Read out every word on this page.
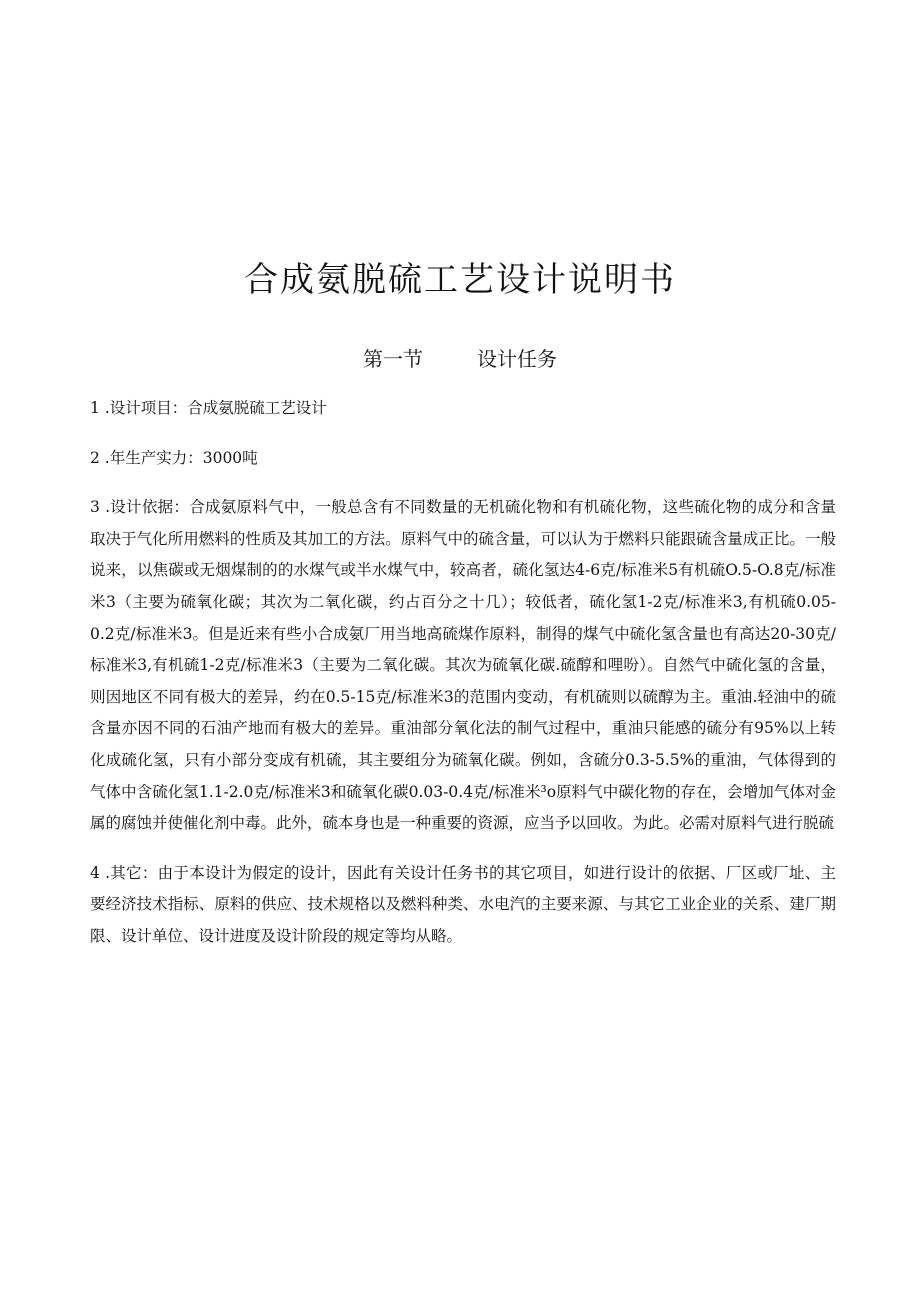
合成氨脱硫工艺设计说明书
第一节	设计任务

1 .设计项目：合成氨脱硫工艺设计

2 .年生产实力：3000吨

3 .设计依据：合成氨原料气中，一般总含有不同数量的无机硫化物和有机硫化物，这些硫化物的成分和含量取决于气化所用燃料的性质及其加工的方法。原料气中的硫含量，可以认为于燃料只能跟硫含量成正比。一般说来，以焦碳或无烟煤制的的水煤气或半水煤气中，较高者，硫化氢达4-6克/标准米5有机硫O.5-O.8克/标准米3（主要为硫氧化碳；其次为二氧化碳，约占百分之十几）；较低者，硫化氢1-2克/标准米3,有机硫0.05-0.2克/标准米3。但是近来有些小合成氨厂用当地高硫煤作原料，制得的煤气中硫化氢含量也有高达20-30克/标准米3,有机硫1-2克/标准米3（主要为二氧化碳。其次为硫氧化碳.硫醇和哩吩）。自然气中硫化氢的含量，则因地区不同有极大的差异，约在0.5-15克/标准米3的范围内变动，有机硫则以硫醇为主。重油.轻油中的硫含量亦因不同的石油产地而有极大的差异。重油部分氧化法的制气过程中，重油只能感的硫分有95%以上转化成硫化氢，只有小部分变成有机硫，其主要组分为硫氧化碳。例如，含硫分0.3-5.5%的重油，气体得到的气体中含硫化氢1.1-2.0克/标准米3和硫氧化碳0.03-0.4克/标准米³o原料气中碳化物的存在，会增加气体对金属的腐蚀并使催化剂中毒。此外，硫本身也是一种重要的资源，应当予以回收。为此。必需对原料气进行脱硫

4 .其它：由于本设计为假定的设计，因此有关设计任务书的其它项目，如进行设计的依据、厂区或厂址、主要经济技术指标、原料的供应、技术规格以及燃料种类、水电汽的主要来源、与其它工业企业的关系、建厂期限、设计单位、设计进度及设计阶段的规定等均从略。
